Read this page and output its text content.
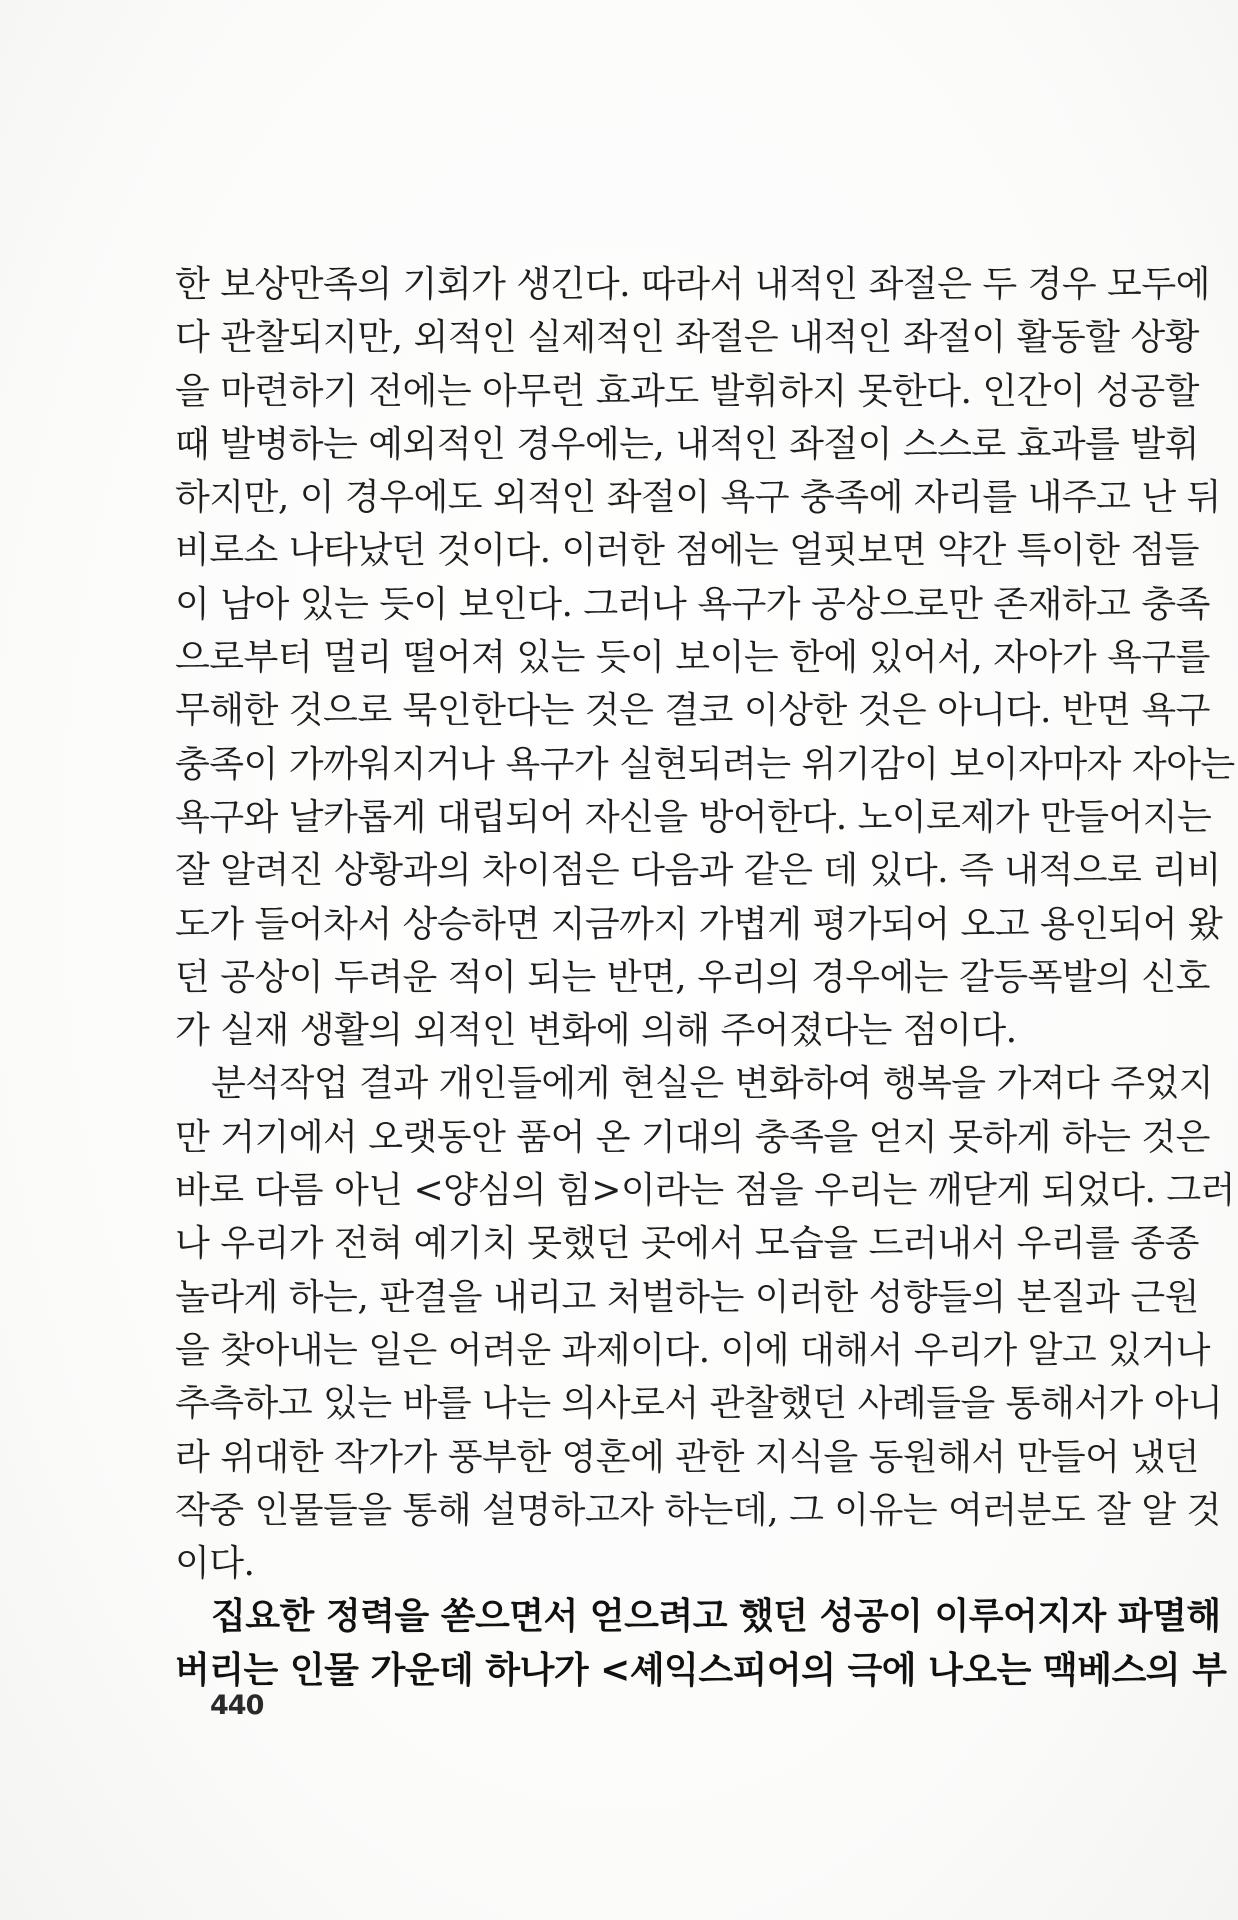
한 보상만족의 기회가 생긴다. 따라서 내적인 좌절은 두 경우 모두에
다 관찰되지만, 외적인 실제적인 좌절은 내적인 좌절이 활동할 상황
을 마련하기 전에는 아무런 효과도 발휘하지 못한다. 인간이 성공할
때 발병하는 예외적인 경우에는, 내적인 좌절이 스스로 효과를 발휘
하지만, 이 경우에도 외적인 좌절이 욕구 충족에 자리를 내주고 난 뒤
비로소 나타났던 것이다. 이러한 점에는 얼핏보면 약간 특이한 점들
이 남아 있는 듯이 보인다. 그러나 욕구가 공상으로만 존재하고 충족
으로부터 멀리 떨어져 있는 듯이 보이는 한에 있어서, 자아가 욕구를
무해한 것으로 묵인한다는 것은 결코 이상한 것은 아니다. 반면 욕구
충족이 가까워지거나 욕구가 실현되려는 위기감이 보이자마자 자아는
욕구와 날카롭게 대립되어 자신을 방어한다. 노이로제가 만들어지는
잘 알려진 상황과의 차이점은 다음과 같은 데 있다. 즉 내적으로 리비
도가 들어차서 상승하면 지금까지 가볍게 평가되어 오고 용인되어 왔
던 공상이 두려운 적이 되는 반면, 우리의 경우에는 갈등폭발의 신호
가 실재 생활의 외적인 변화에 의해 주어졌다는 점이다.
분석작업 결과 개인들에게 현실은 변화하여 행복을 가져다 주었지
만 거기에서 오랫동안 품어 온 기대의 충족을 얻지 못하게 하는 것은
바로 다름 아닌 <양심의 힘>이라는 점을 우리는 깨닫게 되었다. 그러
나 우리가 전혀 예기치 못했던 곳에서 모습을 드러내서 우리를 종종
놀라게 하는, 판결을 내리고 처벌하는 이러한 성향들의 본질과 근원
을 찾아내는 일은 어려운 과제이다. 이에 대해서 우리가 알고 있거나
추측하고 있는 바를 나는 의사로서 관찰했던 사례들을 통해서가 아니
라 위대한 작가가 풍부한 영혼에 관한 지식을 동원해서 만들어 냈던
작중 인물들을 통해 설명하고자 하는데, 그 이유는 여러분도 잘 알 것
이다.
집요한 정력을 쏟으면서 얻으려고 했던 성공이 이루어지자 파멸해
버리는 인물 가운데 하나가 <셰익스피어의 극에 나오는 맥베스의 부
440
